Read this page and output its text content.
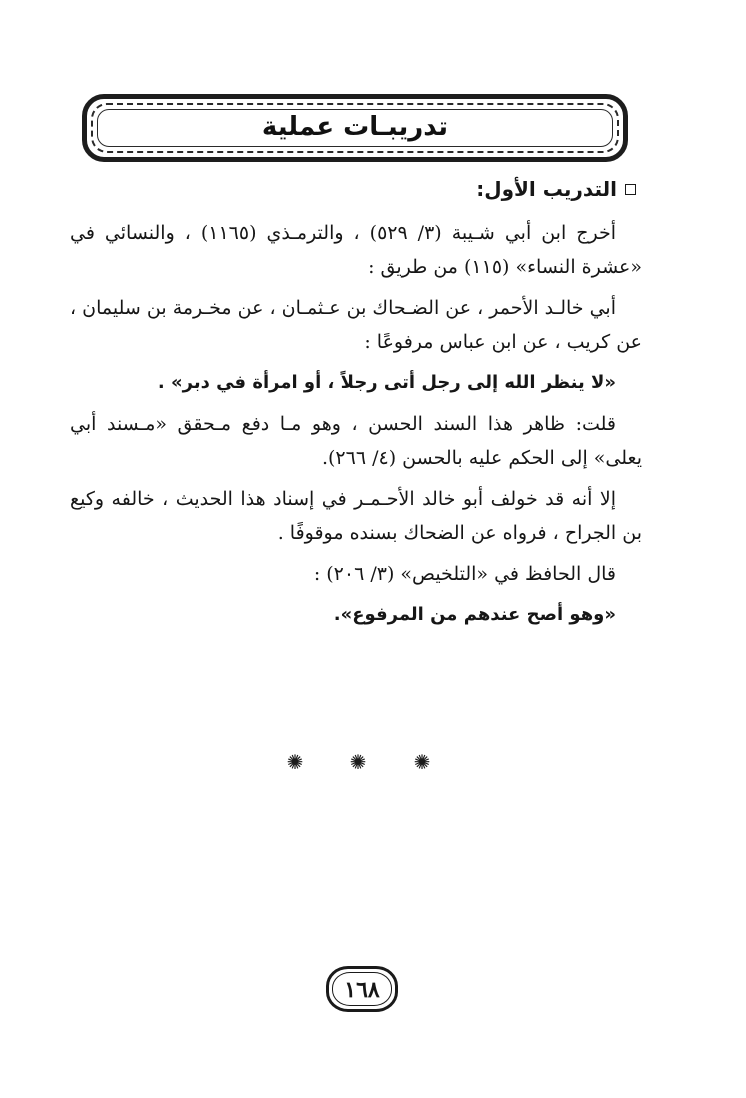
تدريبـات عملية

التدريب الأول:

أخرج ابن أبي شـيبة (٣/ ٥٢٩) ، والترمـذي (١١٦٥) ، والنسائي في «عشرة النساء» (١١٥) من طريق :

أبي خالـد الأحمر ، عن الضـحاك بن عـثمـان ، عن مخـرمة بن سليمان ، عن كريب ، عن ابن عباس مرفوعًا :

«لا ينظر الله إلى رجل أتى رجلاً ، أو امرأة في دبر» .

قلت: ظاهر هذا السند الحسن ، وهو مـا دفع مـحقق «مـسند أبي يعلى» إلى الحكم عليه بالحسن (٤/ ٢٦٦).

إلا أنه قد خولف أبو خالد الأحـمـر في إسناد هذا الحديث ، خالفه وكيع بن الجراح ، فرواه عن الضحاك بسنده موقوفًا .

قال الحافظ في «التلخيص» (٣/ ٢٠٦) :

«وهو أصح عندهم من المرفوع».

✺ ✺ ✺
١٦٨
